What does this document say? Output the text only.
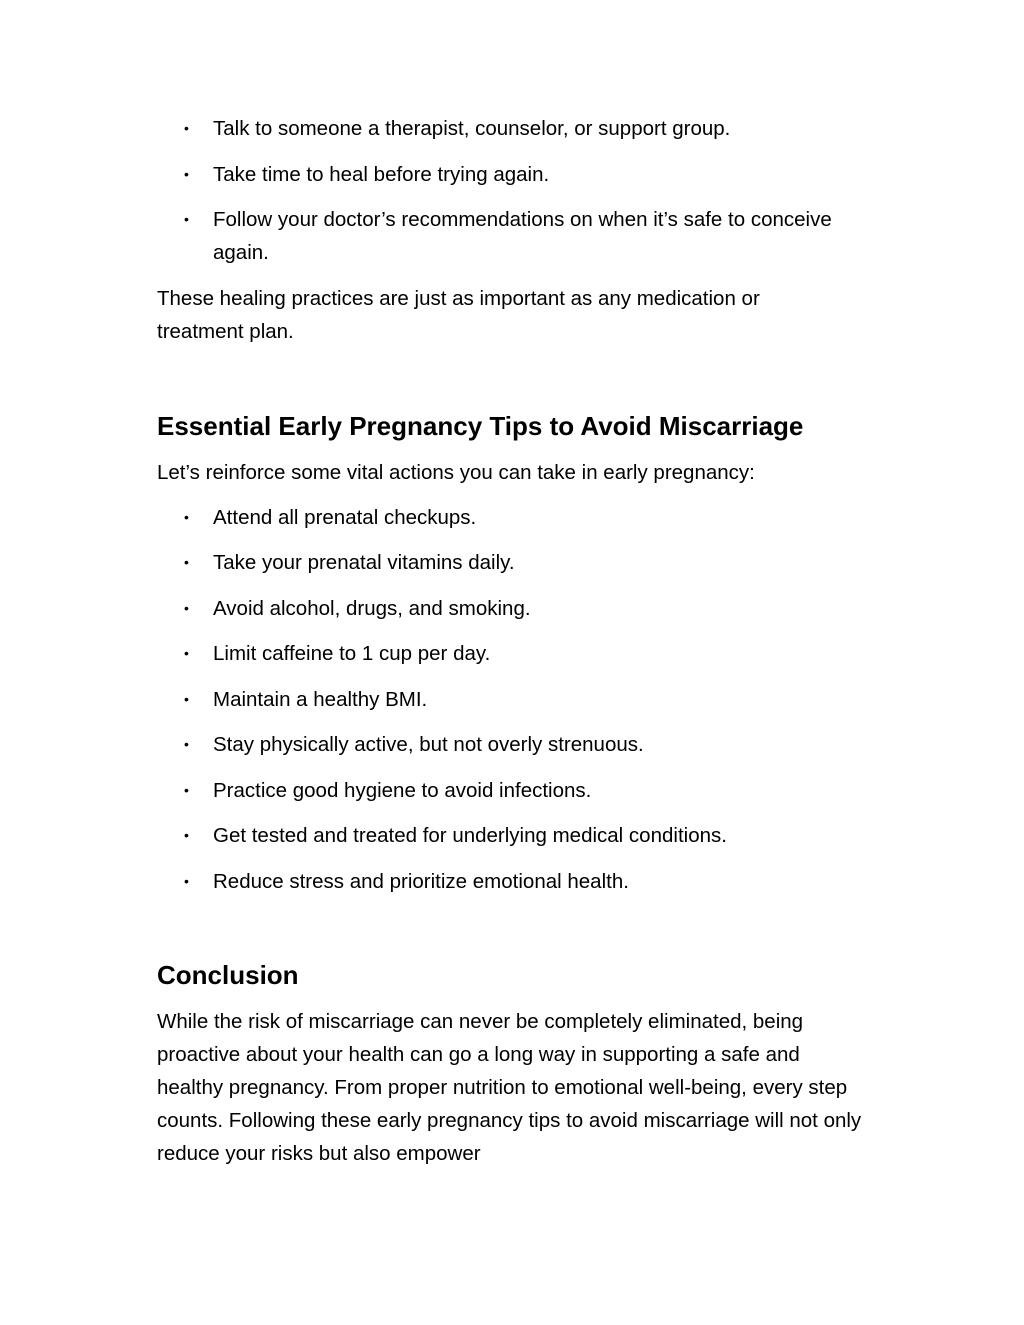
• Talk to someone a therapist, counselor, or support group.
• Take time to heal before trying again.
• Follow your doctor’s recommendations on when it’s safe to conceive again.

These healing practices are just as important as any medication or treatment plan.

Essential Early Pregnancy Tips to Avoid Miscarriage

Let’s reinforce some vital actions you can take in early pregnancy:

• Attend all prenatal checkups.
• Take your prenatal vitamins daily.
• Avoid alcohol, drugs, and smoking.
• Limit caffeine to 1 cup per day.
• Maintain a healthy BMI.
• Stay physically active, but not overly strenuous.
• Practice good hygiene to avoid infections.
• Get tested and treated for underlying medical conditions.
• Reduce stress and prioritize emotional health.
Conclusion

While the risk of miscarriage can never be completely eliminated, being proactive about your health can go a long way in supporting a safe and healthy pregnancy. From proper nutrition to emotional well-being, every step counts. Following these early pregnancy tips to avoid miscarriage will not only reduce your risks but also empower
